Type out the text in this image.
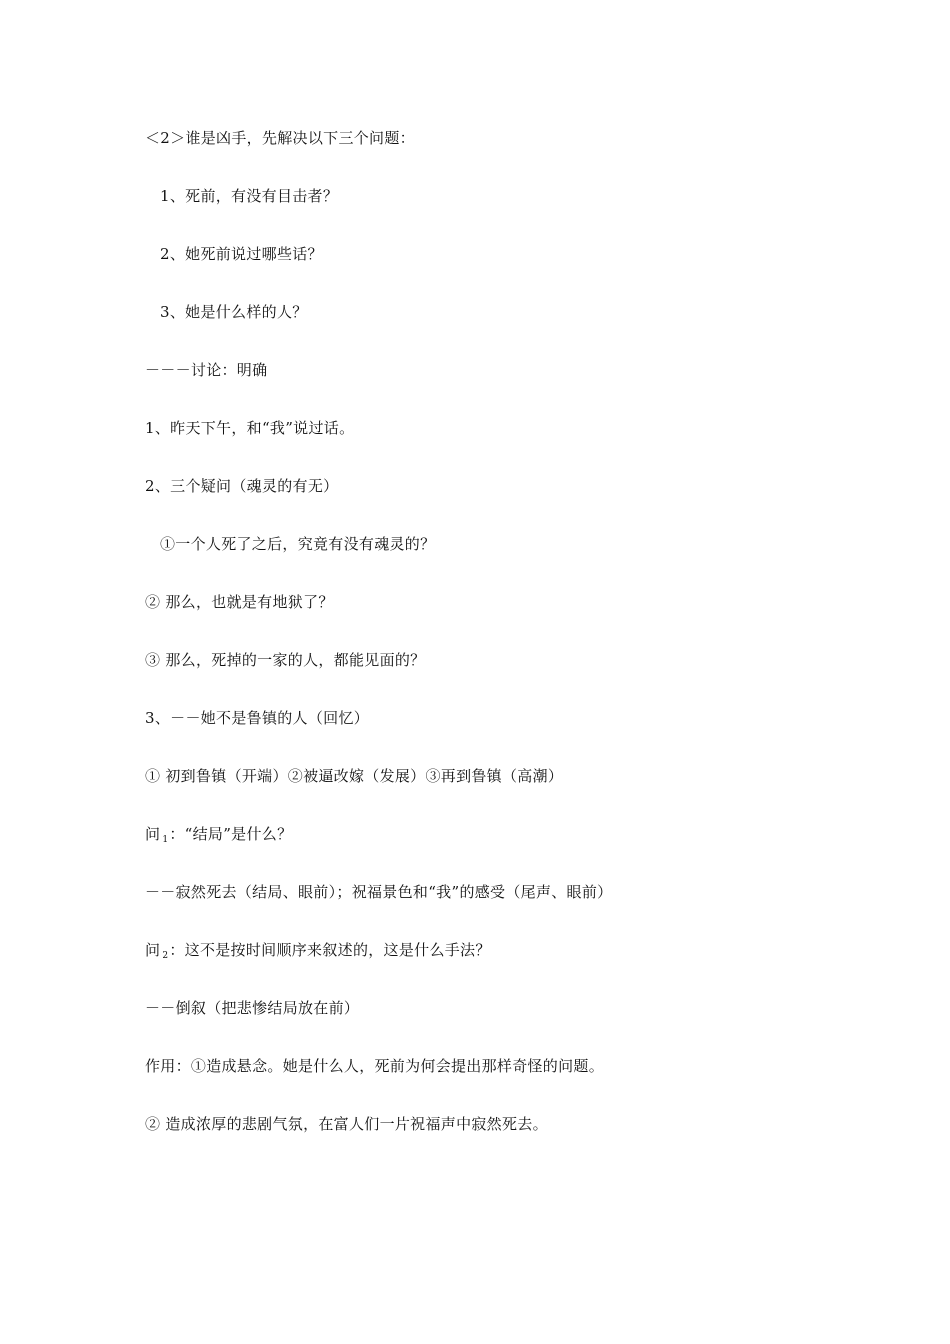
＜2＞谁是凶手，先解决以下三个问题：
1、死前，有没有目击者？
2、她死前说过哪些话？
3、她是什么样的人？
－－－讨论：明确
1、昨天下午，和“我”说过话。
2、三个疑问（魂灵的有无）
①一个人死了之后，究竟有没有魂灵的？
② 那么，也就是有地狱了？
③ 那么，死掉的一家的人，都能见面的？
3、－－她不是鲁镇的人（回忆）
① 初到鲁镇（开端）②被逼改嫁（发展）③再到鲁镇（高潮）
问 $_1$：“结局”是什么？
－－寂然死去（结局、眼前）；祝福景色和“我”的感受（尾声、眼前）
问 $_2$：这不是按时间顺序来叙述的，这是什么手法？
－－倒叙（把悲惨结局放在前）
作用：①造成悬念。她是什么人，死前为何会提出那样奇怪的问题。
② 造成浓厚的悲剧气氛，在富人们一片祝福声中寂然死去。
